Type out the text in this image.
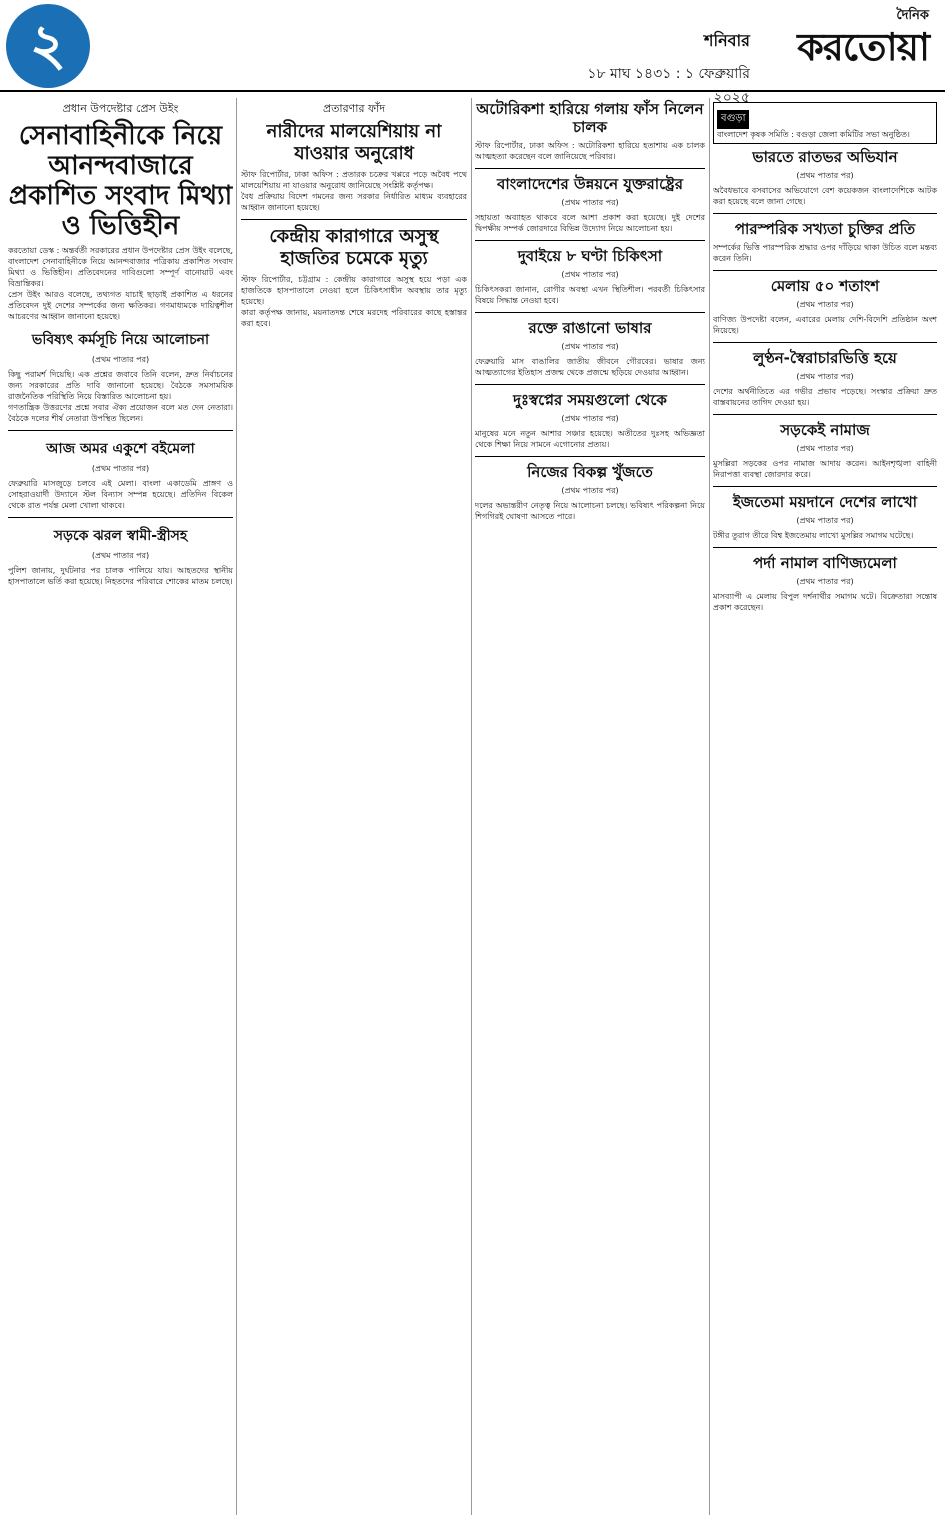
২	শনিবার
১৮ মাঘ ১৪৩১ : ১ ফেব্রুয়ারি ২০২৫
দৈনিক
করতোয়া
প্রধান উপদেষ্টার প্রেস উইং
সেনাবাহিনীকে নিয়ে আনন্দবাজারে প্রকাশিত সংবাদ মিথ্যা ও ভিত্তিহীন

করতোয়া ডেস্ক : অন্তর্বর্তী সরকারের প্রধান উপদেষ্টার প্রেস উইং বলেছে, বাংলাদেশ সেনাবাহিনীকে নিয়ে আনন্দবাজার পত্রিকায় প্রকাশিত সংবাদ মিথ্যা ও ভিত্তিহীন। প্রতিবেদনের দাবিগুলো সম্পূর্ণ বানোয়াট এবং বিভ্রান্তিকর।

প্রেস উইং আরও বলেছে, তথ্যগত যাচাই ছাড়াই প্রকাশিত এ ধরনের প্রতিবেদন দুই দেশের সম্পর্কের জন্য ক্ষতিকর। গণমাধ্যমকে দায়িত্বশীল আচরণের আহ্বান জানানো হয়েছে।

ভবিষ্যৎ কর্মসূচি নিয়ে আলোচনা
(প্রথম পাতার পর)

কিছু পরামর্শ দিয়েছি। এক প্রশ্নের জবাবে তিনি বলেন, দ্রুত নির্বাচনের জন্য সরকারের প্রতি দাবি জানানো হয়েছে। বৈঠকে সমসাময়িক রাজনৈতিক পরিস্থিতি নিয়ে বিস্তারিত আলোচনা হয়।

গণতান্ত্রিক উত্তরণের প্রশ্নে সবার ঐক্য প্রয়োজন বলে মত দেন নেতারা। বৈঠকে দলের শীর্ষ নেতারা উপস্থিত ছিলেন।

আজ অমর একুশে বইমেলা
(প্রথম পাতার পর)

ফেব্রুয়ারি মাসজুড়ে চলবে এই মেলা। বাংলা একাডেমি প্রাঙ্গণ ও সোহরাওয়ার্দী উদ্যানে স্টল বিন্যাস সম্পন্ন হয়েছে। প্রতিদিন বিকেল থেকে রাত পর্যন্ত মেলা খোলা থাকবে।

সড়কে ঝরল স্বামী-স্ত্রীসহ
(প্রথম পাতার পর)

পুলিশ জানায়, দুর্ঘটনার পর চালক পালিয়ে যায়। আহতদের স্থানীয় হাসপাতালে ভর্তি করা হয়েছে। নিহতদের পরিবারে শোকের মাতম চলছে।

প্রতারণার ফাঁদ
নারীদের মালয়েশিয়ায় না যাওয়ার অনুরোধ

স্টাফ রিপোর্টার, ঢাকা অফিস : প্রতারক চক্রের খপ্পরে পড়ে অবৈধ পথে মালয়েশিয়ায় না যাওয়ার অনুরোধ জানিয়েছে সংশ্লিষ্ট কর্তৃপক্ষ।

বৈধ প্রক্রিয়ায় বিদেশ গমনের জন্য সরকার নির্ধারিত মাধ্যম ব্যবহারের আহ্বান জানানো হয়েছে।

কেন্দ্রীয় কারাগারে অসুস্থ হাজতির চমেকে মৃত্যু

স্টাফ রিপোর্টার, চট্টগ্রাম : কেন্দ্রীয় কারাগারে অসুস্থ হয়ে পড়া এক হাজতিকে হাসপাতালে নেওয়া হলে চিকিৎসাধীন অবস্থায় তার মৃত্যু হয়েছে।

কারা কর্তৃপক্ষ জানায়, ময়নাতদন্ত শেষে মরদেহ পরিবারের কাছে হস্তান্তর করা হবে।

অটোরিকশা হারিয়ে গলায় ফাঁস নিলেন চালক

স্টাফ রিপোর্টার, ঢাকা অফিস : অটোরিকশা হারিয়ে হতাশায় এক চালক আত্মহত্যা করেছেন বলে জানিয়েছে পরিবার।

বাংলাদেশের উন্নয়নে যুক্তরাষ্ট্রের
(প্রথম পাতার পর)

সহায়তা অব্যাহত থাকবে বলে আশা প্রকাশ করা হয়েছে। দুই দেশের দ্বিপক্ষীয় সম্পর্ক জোরদারে বিভিন্ন উদ্যোগ নিয়ে আলোচনা হয়।

দুবাইয়ে ৮ ঘণ্টা চিকিৎসা
(প্রথম পাতার পর)

চিকিৎসকরা জানান, রোগীর অবস্থা এখন স্থিতিশীল। পরবর্তী চিকিৎসার বিষয়ে সিদ্ধান্ত নেওয়া হবে।

রক্তে রাঙানো ভাষার
(প্রথম পাতার পর)

ফেব্রুয়ারি মাস বাঙালির জাতীয় জীবনে গৌরবের। ভাষার জন্য আত্মত্যাগের ইতিহাস প্রজন্ম থেকে প্রজন্মে ছড়িয়ে দেওয়ার আহ্বান।

দুঃস্বপ্নের সময়গুলো থেকে
(প্রথম পাতার পর)

মানুষের মনে নতুন আশার সঞ্চার হয়েছে। অতীতের দুঃসহ অভিজ্ঞতা থেকে শিক্ষা নিয়ে সামনে এগোনোর প্রত্যয়।

নিজের বিকল্প খুঁজতে
(প্রথম পাতার পর)

দলের অভ্যন্তরীণ নেতৃত্ব নিয়ে আলোচনা চলছে। ভবিষ্যৎ পরিকল্পনা নিয়ে শিগগিরই ঘোষণা আসতে পারে।

বগুড়া

বাংলাদেশ কৃষক সমিতি : বগুড়া জেলা কমিটির সভা অনুষ্ঠিত।

ভারতে রাতভর অভিযান
(প্রথম পাতার পর)

অবৈধভাবে বসবাসের অভিযোগে বেশ কয়েকজন বাংলাদেশিকে আটক করা হয়েছে বলে জানা গেছে।

পারস্পরিক সখ্যতা চুক্তির প্রতি

সম্পর্কের ভিত্তি পারস্পরিক শ্রদ্ধার ওপর দাঁড়িয়ে থাকা উচিত বলে মন্তব্য করেন তিনি।

মেলায় ৫০ শতাংশ
(প্রথম পাতার পর)

বাণিজ্য উপদেষ্টা বলেন, এবারের মেলায় দেশি-বিদেশি প্রতিষ্ঠান অংশ নিয়েছে।

লুণ্ঠন-স্বৈরাচারভিত্তি হয়ে
(প্রথম পাতার পর)

দেশের অর্থনীতিতে এর গভীর প্রভাব পড়েছে। সংস্কার প্রক্রিয়া দ্রুত বাস্তবায়নের তাগিদ দেওয়া হয়।

সড়কেই নামাজ
(প্রথম পাতার পর)

মুসল্লিরা সড়কের ওপর নামাজ আদায় করেন। আইনশৃঙ্খলা বাহিনী নিরাপত্তা ব্যবস্থা জোরদার করে।

ইজতেমা ময়দানে দেশের লাখো
(প্রথম পাতার পর)

টঙ্গীর তুরাগ তীরে বিশ্ব ইজতেমায় লাখো মুসল্লির সমাগম ঘটেছে।

পর্দা নামাল বাণিজ্যমেলা
(প্রথম পাতার পর)

মাসব্যাপী এ মেলায় বিপুল দর্শনার্থীর সমাগম ঘটে। বিক্রেতারা সন্তোষ প্রকাশ করেছেন।
